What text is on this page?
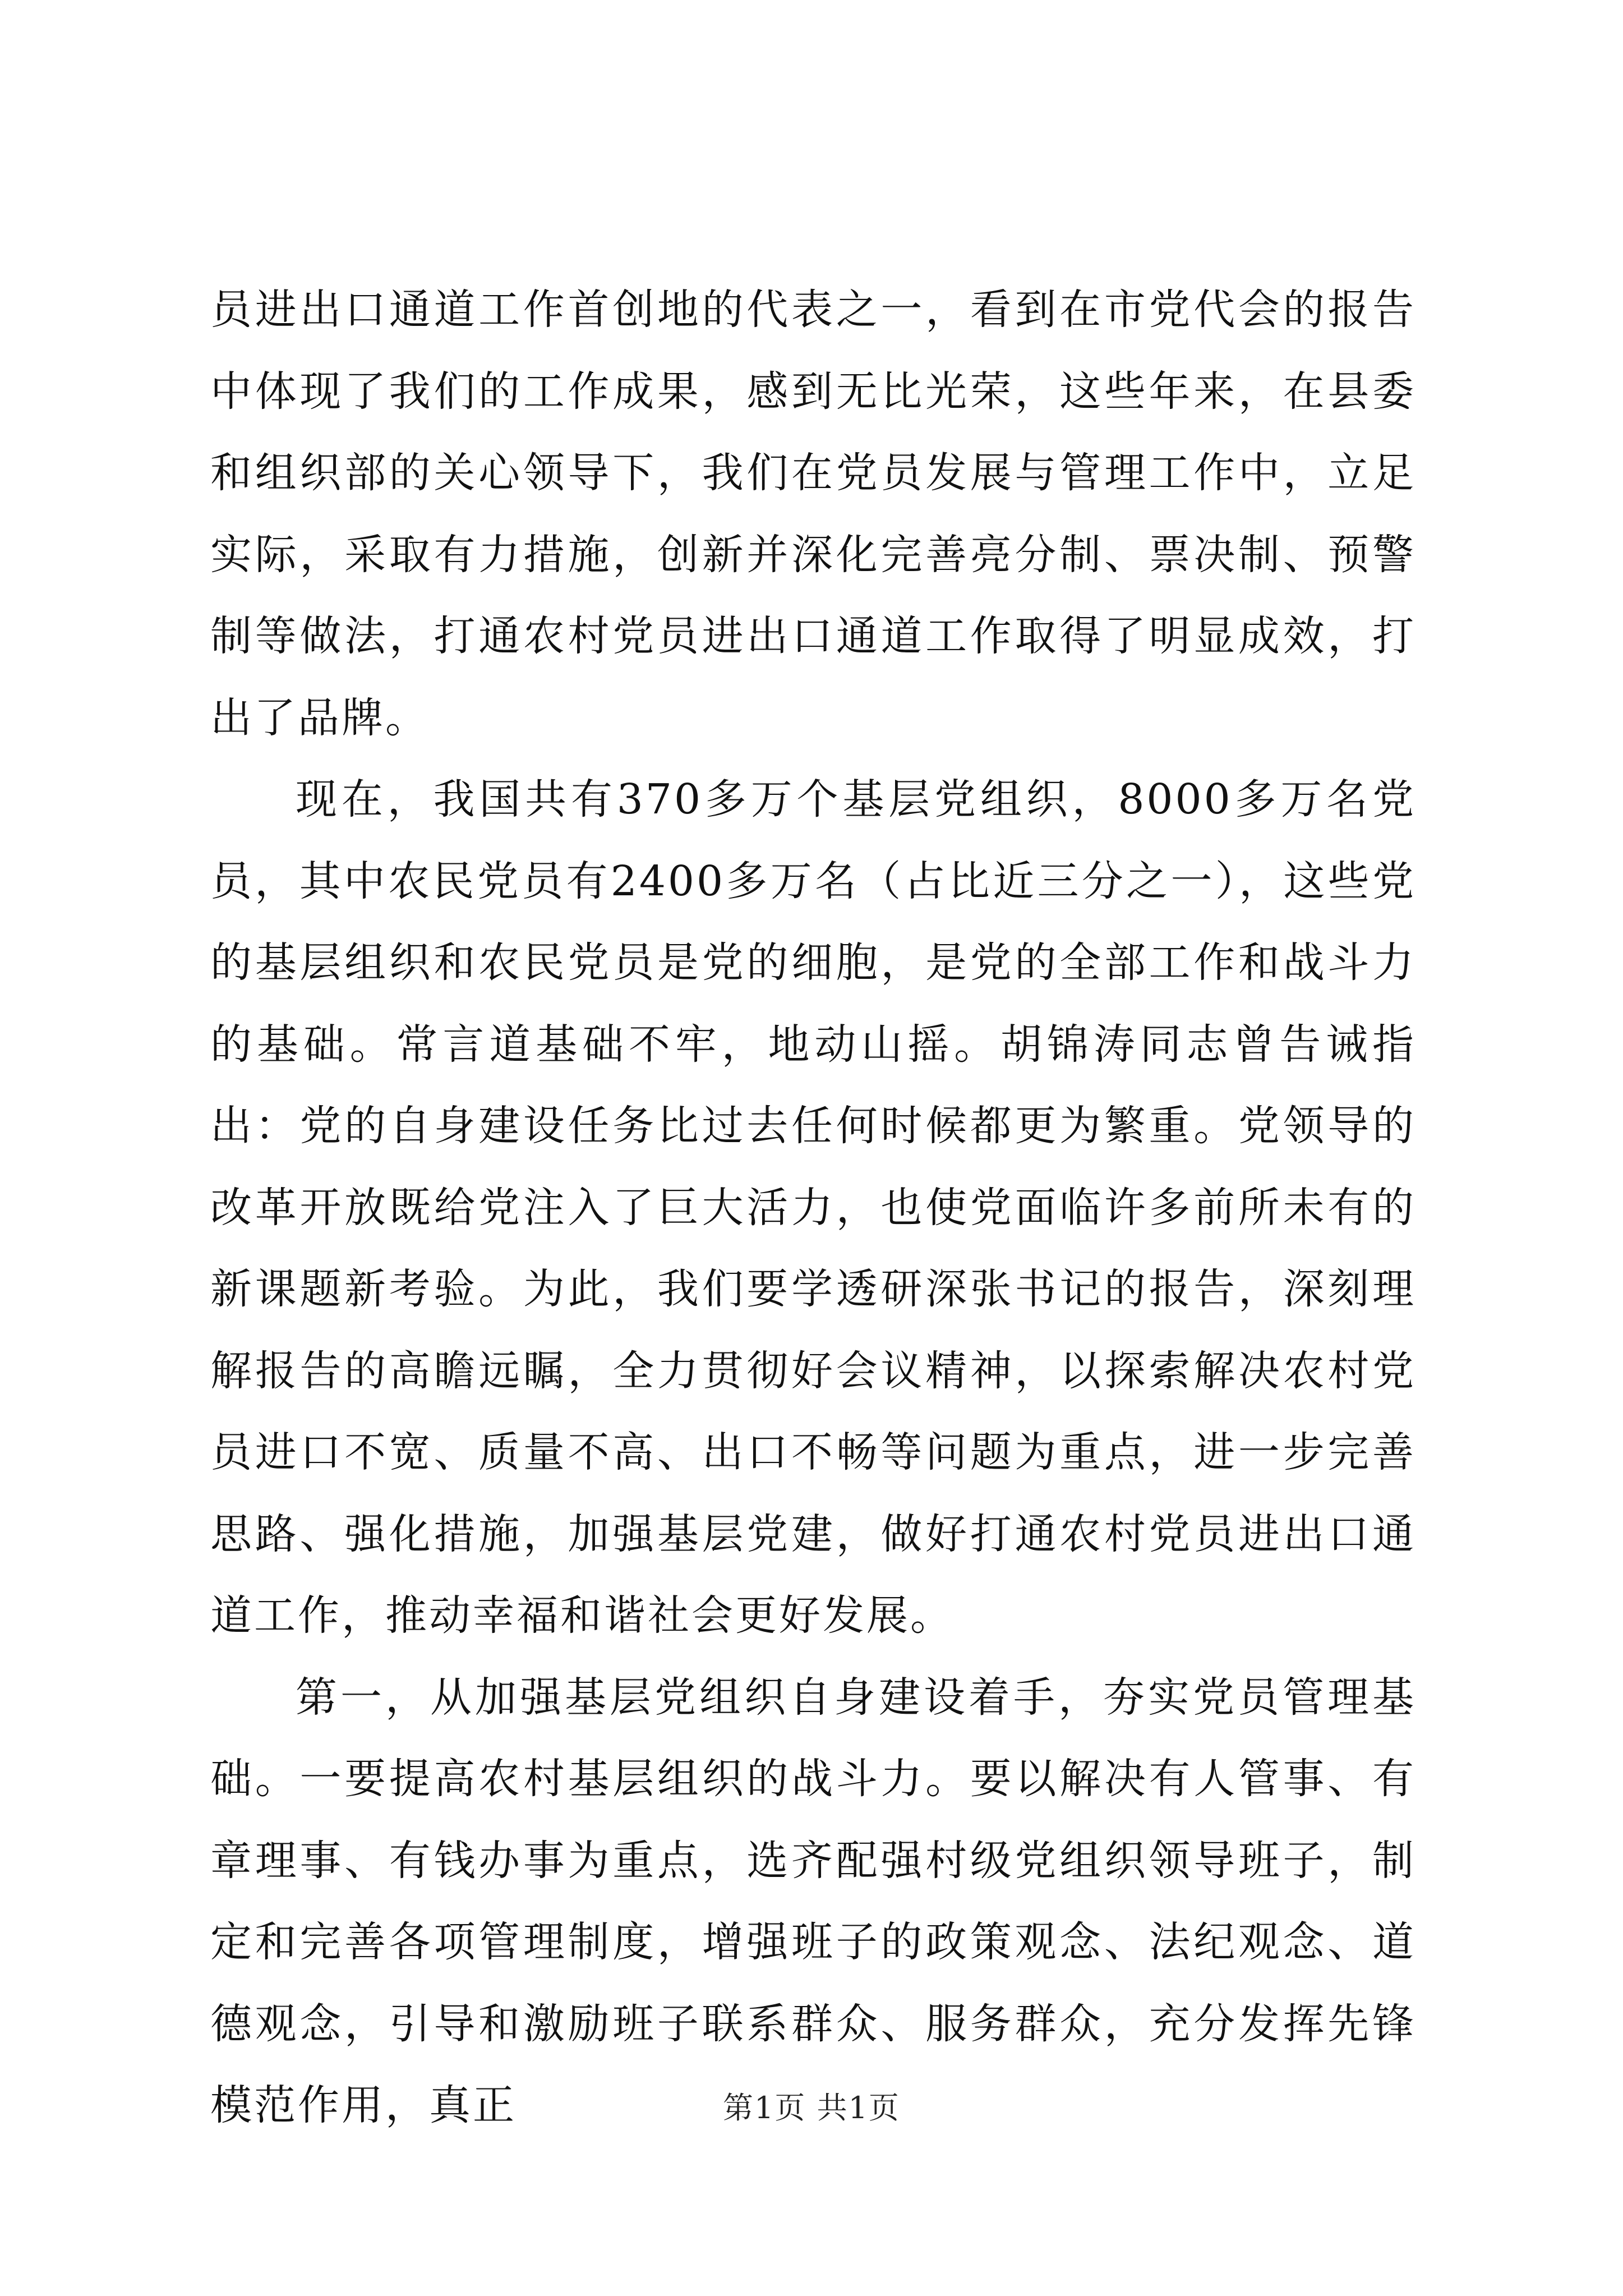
员进出口通道工作首创地的代表之一，看到在市党代会的报告中体现了我们的工作成果，感到无比光荣，这些年来，在县委和组织部的关心领导下，我们在党员发展与管理工作中，立足实际，采取有力措施，创新并深化完善亮分制、票决制、预警制等做法，打通农村党员进出口通道工作取得了明显成效，打出了品牌。

现在，我国共有370多万个基层党组织，8000多万名党员，其中农民党员有2400多万名（占比近三分之一），这些党的基层组织和农民党员是党的细胞，是党的全部工作和战斗力的基础。常言道基础不牢，地动山摇。胡锦涛同志曾告诫指出：党的自身建设任务比过去任何时候都更为繁重。党领导的改革开放既给党注入了巨大活力，也使党面临许多前所未有的新课题新考验。为此，我们要学透研深张书记的报告，深刻理解报告的高瞻远瞩，全力贯彻好会议精神，以探索解决农村党员进口不宽、质量不高、出口不畅等问题为重点，进一步完善思路、强化措施，加强基层党建，做好打通农村党员进出口通道工作，推动幸福和谐社会更好发展。

第一，从加强基层党组织自身建设着手，夯实党员管理基础。一要提高农村基层组织的战斗力。要以解决有人管事、有章理事、有钱办事为重点，选齐配强村级党组织领导班子，制定和完善各项管理制度，增强班子的政策观念、法纪观念、道德观念，引导和激励班子联系群众、服务群众，充分发挥先锋模范作用，真正	第1页 共1页
